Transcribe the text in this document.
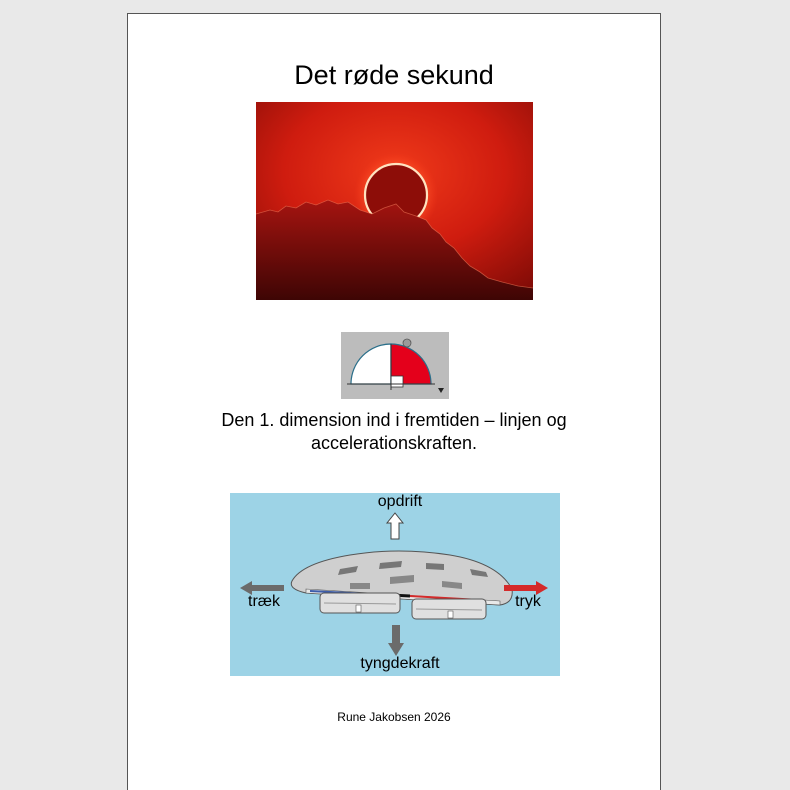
Det røde sekund
Den 1. dimension ind i fremtiden – linjen og
accelerationskraften.
opdrift
træk	tryk
tyngdekraft
Rune Jakobsen 2026
